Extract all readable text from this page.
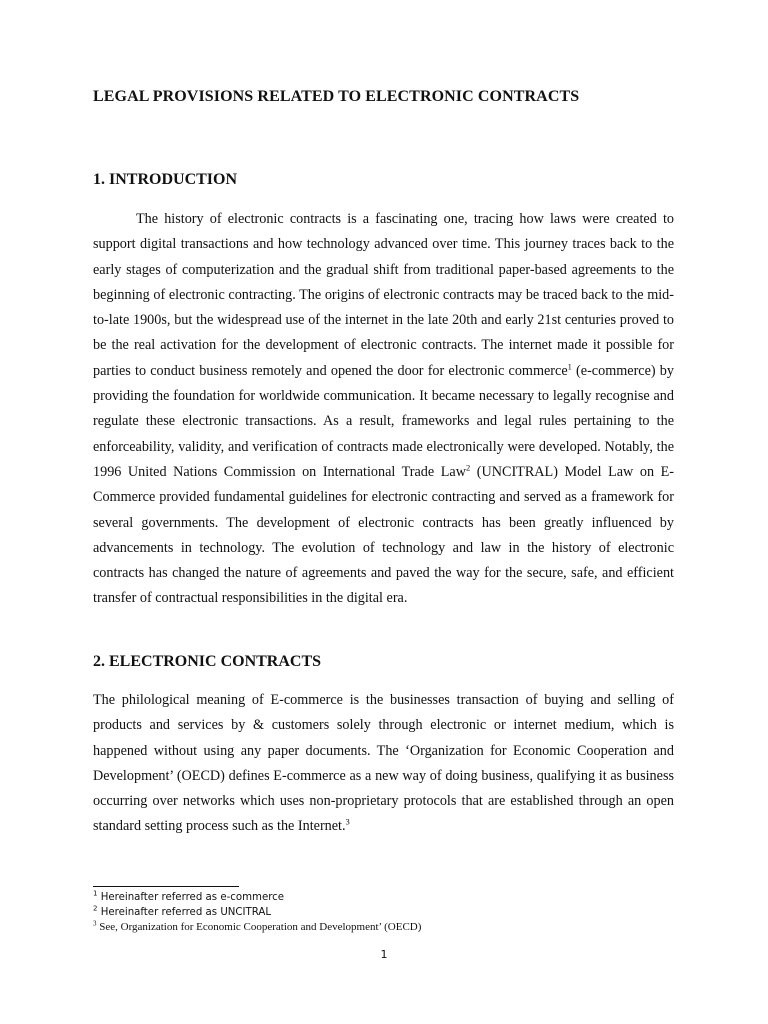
LEGAL PROVISIONS RELATED TO ELECTRONIC CONTRACTS
1. INTRODUCTION

The history of electronic contracts is a fascinating one, tracing how laws were created to support digital transactions and how technology advanced over time. This journey traces back to the early stages of computerization and the gradual shift from traditional paper-based agreements to the beginning of electronic contracting. The origins of electronic contracts may be traced back to the mid-to-late 1900s, but the widespread use of the internet in the late 20th and early 21st centuries proved to be the real activation for the development of electronic contracts. The internet made it possible for parties to conduct business remotely and opened the door for electronic commerce$^1$ (e-commerce) by providing the foundation for worldwide communication. It became necessary to legally recognise and regulate these electronic transactions. As a result, frameworks and legal rules pertaining to the enforceability, validity, and verification of contracts made electronically were developed. Notably, the 1996 United Nations Commission on International Trade Law$^2$ (UNCITRAL) Model Law on E-Commerce provided fundamental guidelines for electronic contracting and served as a framework for several governments. The development of electronic contracts has been greatly influenced by advancements in technology. The evolution of technology and law in the history of electronic contracts has changed the nature of agreements and paved the way for the secure, safe, and efficient transfer of contractual responsibilities in the digital era.

2. ELECTRONIC CONTRACTS

The philological meaning of E-commerce is the businesses transaction of buying and selling of products and services by & customers solely through electronic or internet medium, which is happened without using any paper documents. The ‘Organization for Economic Cooperation and Development’ (OECD) defines E-commerce as a new way of doing business, qualifying it as business occurring over networks which uses non-proprietary protocols that are established through an open standard setting process such as the Internet.$^3$

$^1$ Hereinafter referred as e-commerce
$^2$ Hereinafter referred as UNCITRAL
$^3$ See, Organization for Economic Cooperation and Development’ (OECD)
1
